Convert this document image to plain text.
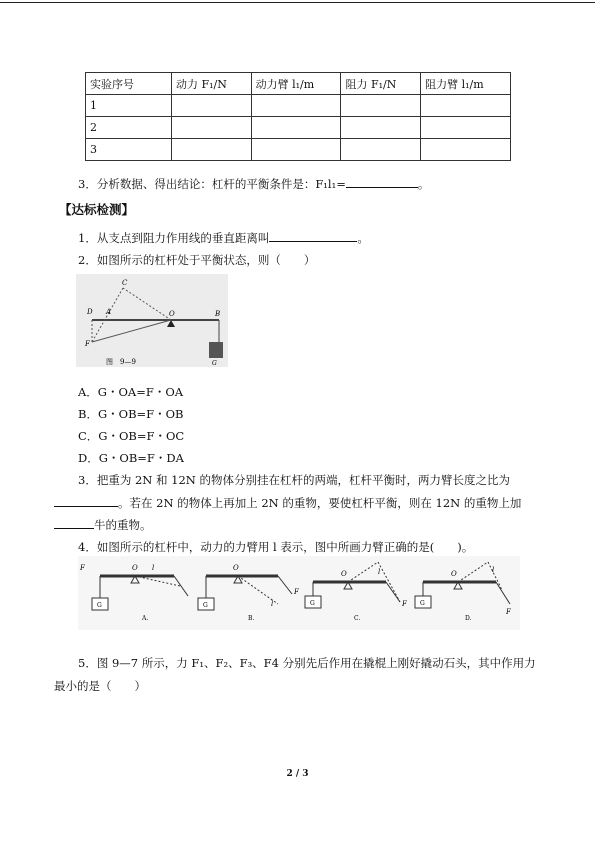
实验序号	动力 F₁/N	动力臂 l₁/m	阻力 F₁/N	阻力臂 l₁/m
1				
2				
3				
3．分析数据、得出结论：杠杆的平衡条件是：F₁l₁=	。
【达标检测】
1．从支点到阻力作用线的垂直距离叫	。
2．如图所示的杠杆处于平衡状态，则（　　）
C
D A	O	B
F
图　9—9	G
A．G・OA=F・OA
B．G・OB=F・OB
C．G・OB=F・OC
D．G・OB=F・DA
3．把重为 2N 和 12N 的物体分别挂在杠杆的两端，杠杆平衡时，两力臂长度之比为
。若在 2N 的物体上再加上 2N 的重物，要使杠杆平衡，则在 12N 的重物上加
牛的重物。
4．如图所示的杠杆中，动力的力臂用 l 表示，图中所画力臂正确的是(　　)。
F	O l
G
A.
O
F
l
G
B.
O	l
F
G
C.
O	l
F
G
D.
5．图 9—7 所示，力 F₁、F₂、F₃、F4 分别先后作用在撬棍上刚好撬动石头，其中作用力
最小的是（　　）
2 / 3
